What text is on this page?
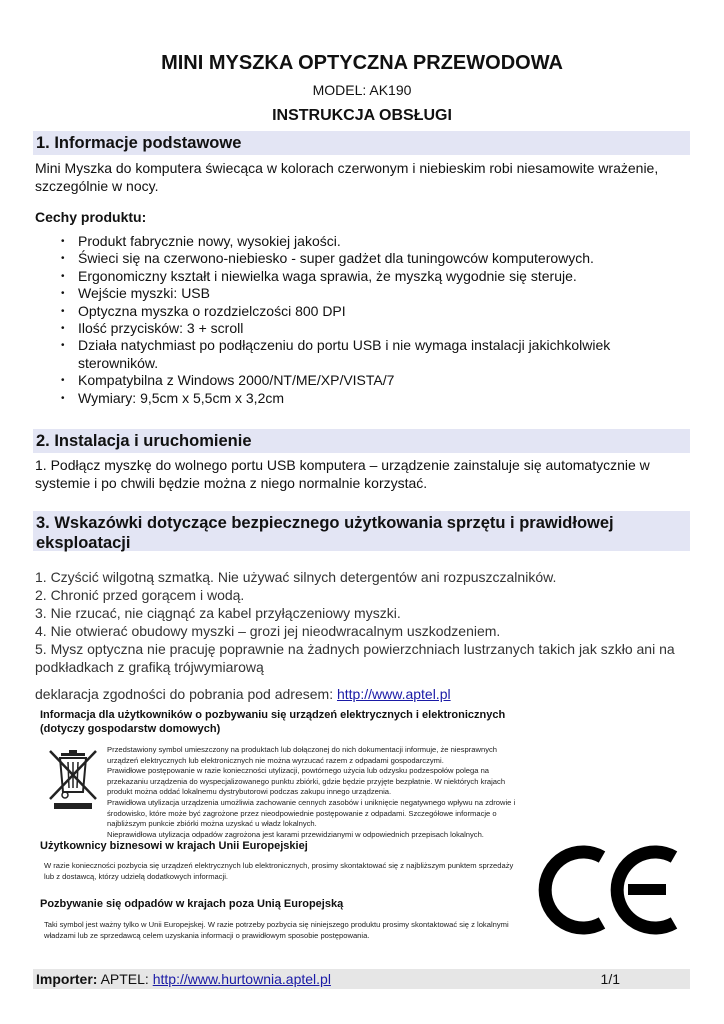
MINI MYSZKA OPTYCZNA PRZEWODOWA
MODEL: AK190
INSTRUKCJA OBSŁUGI
1. Informacje podstawowe
Mini Myszka do komputera świecąca w kolorach czerwonym i niebieskim robi niesamowite wrażenie, szczególnie w nocy.
Cechy produktu:
• Produkt fabrycznie nowy, wysokiej jakości.
• Świeci się na czerwono-niebiesko - super gadżet dla tuningowców komputerowych.
• Ergonomiczny kształt i niewielka waga sprawia, że myszką wygodnie się steruje.
• Wejście myszki: USB
• Optyczna myszka o rozdzielczości 800 DPI
• Ilość przycisków: 3 + scroll
• Działa natychmiast po podłączeniu do portu USB i nie wymaga instalacji jakichkolwiek sterowników.
• Kompatybilna z Windows 2000/NT/ME/XP/VISTA/7
• Wymiary: 9,5cm x 5,5cm x 3,2cm
2. Instalacja i uruchomienie
1. Podłącz myszkę do wolnego portu USB komputera – urządzenie zainstaluje się automatycznie w systemie i po chwili będzie można z niego normalnie korzystać.
3. Wskazówki dotyczące bezpiecznego użytkowania sprzętu i prawidłowej eksploatacji
1. Czyścić wilgotną szmatką. Nie używać silnych detergentów ani rozpuszczalników.
2. Chronić przed gorącem i wodą.
3. Nie rzucać, nie ciągnąć za kabel przyłączeniowy myszki.
4. Nie otwierać obudowy myszki – grozi jej nieodwracalnym uszkodzeniem.
5. Mysz optyczna nie pracuję poprawnie na żadnych powierzchniach lustrzanych takich jak szkło ani na podkładkach z grafiką trójwymiarową
deklaracja zgodności do pobrania pod adresem: http://www.aptel.pl
Informacja dla użytkowników o pozbywaniu się urządzeń elektrycznych i elektronicznych (dotyczy gospodarstw domowych)
Przedstawiony symbol umieszczony na produktach lub dołączonej do nich dokumentacji informuje, że niesprawnych urządzeń elektrycznych lub elektronicznych nie można wyrzucać razem z odpadami gospodarczymi.
Prawidłowe postępowanie w razie konieczności utylizacji, powtórnego użycia lub odzysku podzespołów polega na przekazaniu urządzenia do wyspecjalizowanego punktu zbiórki, gdzie będzie przyjęte bezpłatnie. W niektórych krajach produkt można oddać lokalnemu dystrybutorowi podczas zakupu innego urządzenia.
Prawidłowa utylizacja urządzenia umożliwia zachowanie cennych zasobów i uniknięcie negatywnego wpływu na zdrowie i środowisko, które może być zagrożone przez nieodpowiednie postępowanie z odpadami. Szczegółowe informacje o najbliższym punkcie zbiórki można uzyskać u władz lokalnych.
Nieprawidłowa utylizacja odpadów zagrożona jest karami przewidzianymi w odpowiednich przepisach lokalnych.
Użytkownicy biznesowi w krajach Unii Europejskiej
W razie konieczności pozbycia się urządzeń elektrycznych lub elektronicznych, prosimy skontaktować się z najbliższym punktem sprzedaży lub z dostawcą, którzy udzielą dodatkowych informacji.
Pozbywanie się odpadów w krajach poza Unią Europejską
Taki symbol jest ważny tylko w Unii Europejskej. W razie potrzeby pozbycia się niniejszego produktu prosimy skontaktować się z lokalnymi władzami lub ze sprzedawcą celem uzyskania informacji o prawidłowym sposobie postępowania.
Importer: APTEL: http://www.hurtownia.aptel.pl	1/1
